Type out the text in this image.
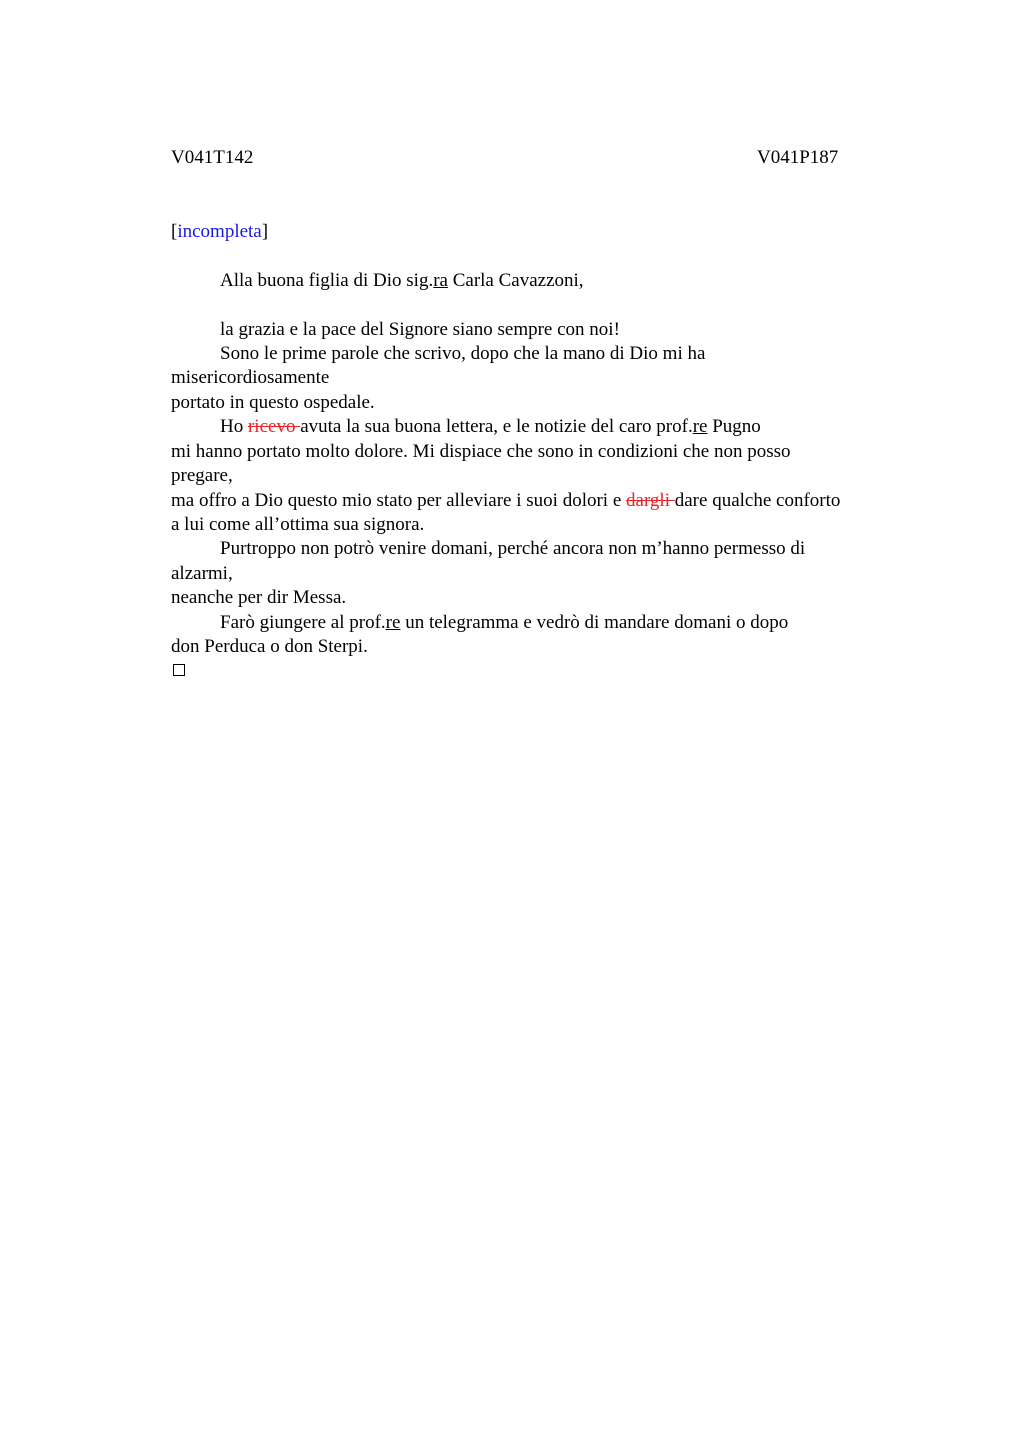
V041T142	V041P187
[incompleta]
Alla buona figlia di Dio sig.ra Carla Cavazzoni,
la grazia e la pace del Signore siano sempre con noi!
Sono le prime parole che scrivo, dopo che la mano di Dio mi ha
misericordiosamente
portato in questo ospedale.
Ho ricevo avuta la sua buona lettera, e le notizie del caro prof.re Pugno
mi hanno portato molto dolore. Mi dispiace che sono in condizioni che non posso
pregare,
ma offro a Dio questo mio stato per alleviare i suoi dolori e dargli dare qualche conforto
a lui come all’ottima sua signora.
Purtroppo non potrò venire domani, perché ancora non m’hanno permesso di
alzarmi,
neanche per dir Messa.
Farò giungere al prof.re un telegramma e vedrò di mandare domani o dopo
don Perduca o don Sterpi.
